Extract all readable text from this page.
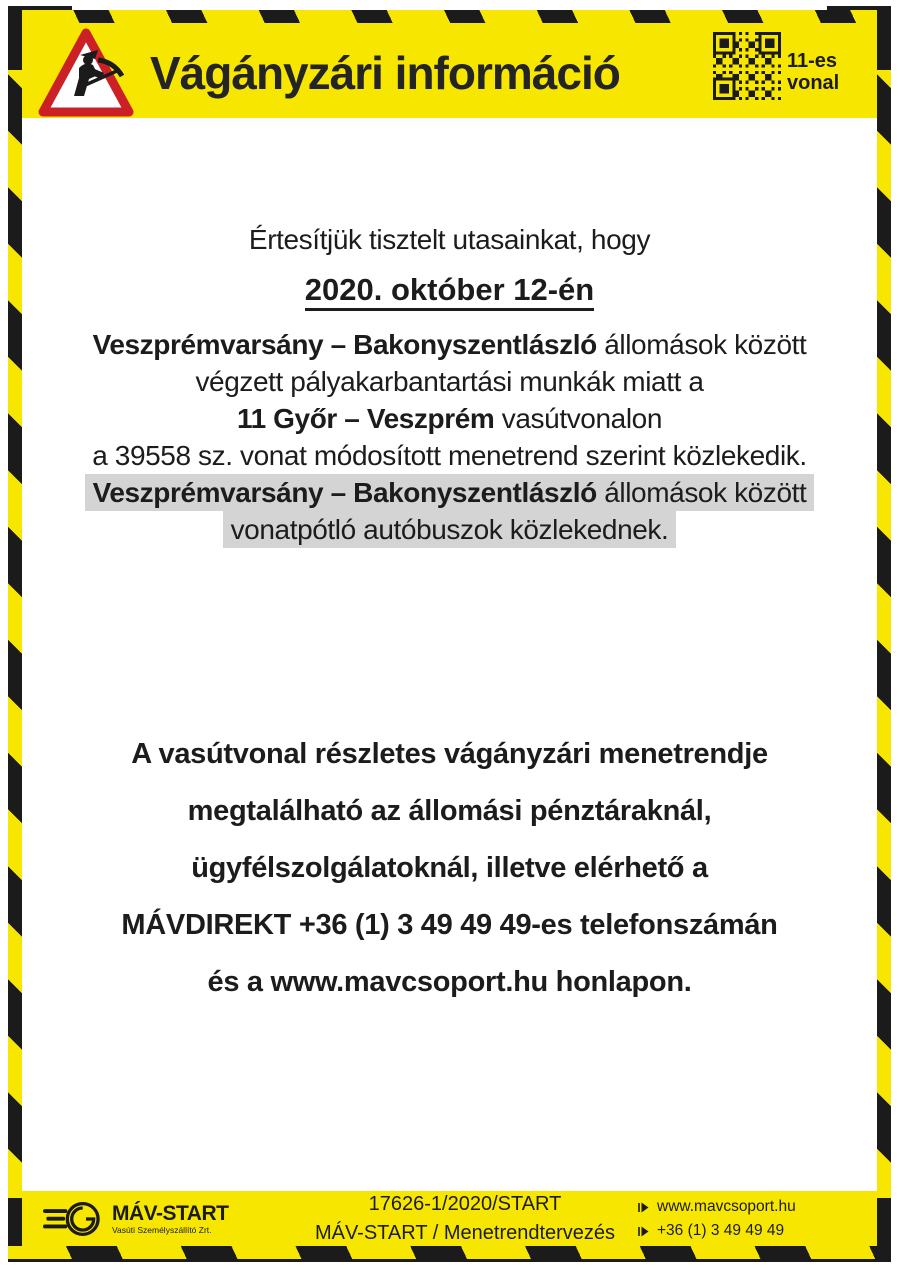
Vágányzári információ	11-es
vonal
Értesítjük tisztelt utasainkat, hogy
2020. október 12-én
Veszprémvarsány – Bakonyszentlászló állomások között
végzett pályakarbantartási munkák miatt a
11 Győr – Veszprém vasútvonalon
a 39558 sz. vonat módosított menetrend szerint közlekedik.
Veszprémvarsány – Bakonyszentlászló állomások között
vonatpótló autóbuszok közlekednek.
A vasútvonal részletes vágányzári menetrendje
megtalálható az állomási pénztáraknál,
ügyfélszolgálatoknál, illetve elérhető a
MÁVDIREKT +36 (1) 3 49 49 49-es telefonszámán
és a www.mavcsoport.hu honlapon.
MÁV-START
Vasúti Személyszállító Zrt.
17626-1/2020/START
MÁV-START / Menetrendtervezés
www.mavcsoport.hu
+36 (1) 3 49 49 49
